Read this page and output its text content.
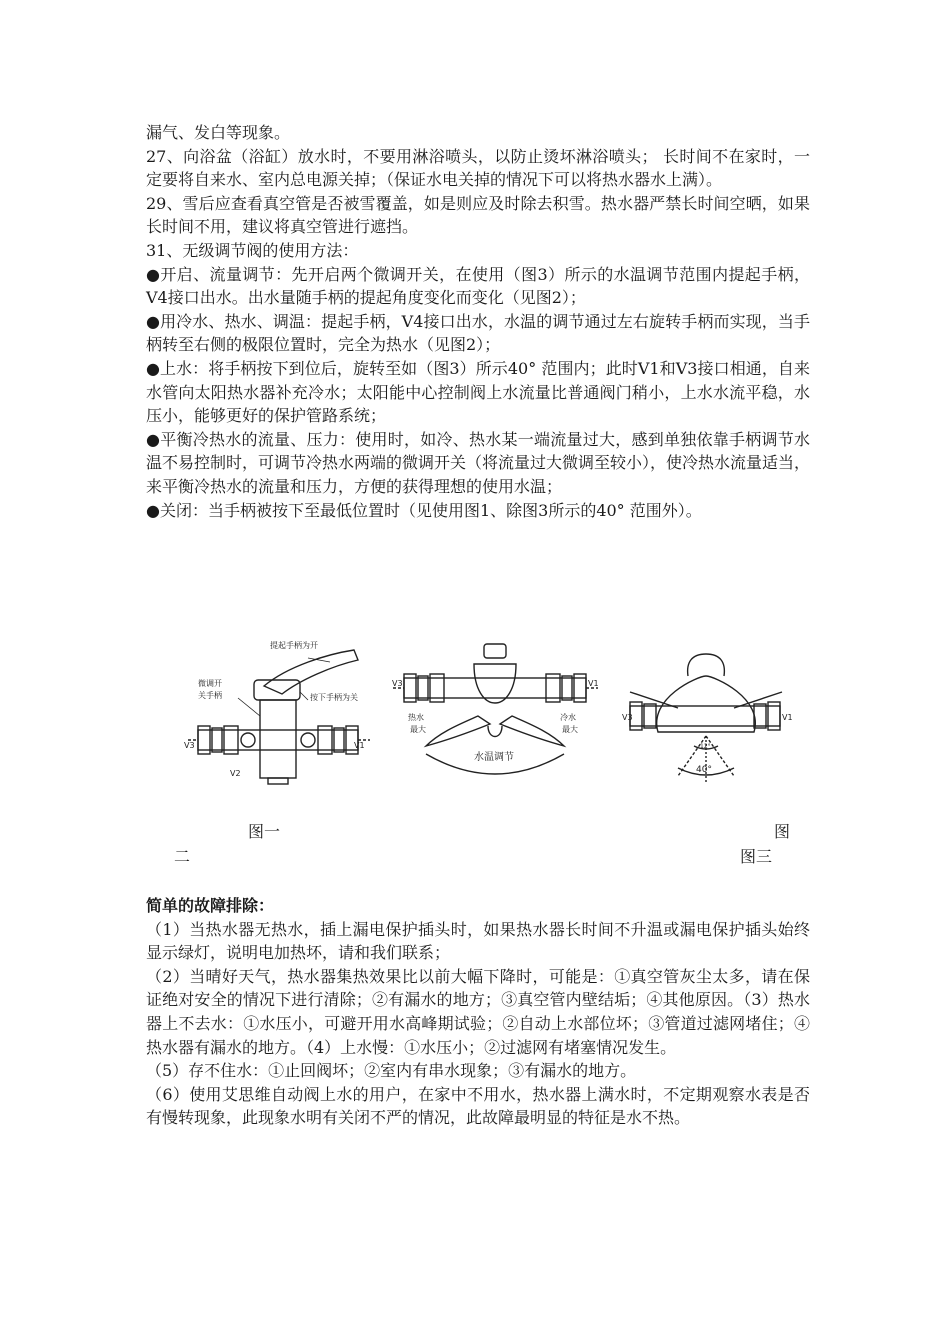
漏气、发白等现象。

27、向浴盆（浴缸）放水时，不要用淋浴喷头，以防止烫坏淋浴喷头； 长时间不在家时，一定要将自来水、室内总电源关掉；（保证水电关掉的情况下可以将热水器水上满）。

29、雪后应查看真空管是否被雪覆盖，如是则应及时除去积雪。热水器严禁长时间空晒，如果长时间不用，建议将真空管进行遮挡。

31、无级调节阀的使用方法：

●开启、流量调节：先开启两个微调开关，在使用（图3）所示的水温调节范围内提起手柄，V4接口出水。出水量随手柄的提起角度变化而变化（见图2）；

●用冷水、热水、调温：提起手柄，V4接口出水，水温的调节通过左右旋转手柄而实现，当手柄转至右侧的极限位置时，完全为热水（见图2）；

●上水：将手柄按下到位后，旋转至如（图3）所示40° 范围内；此时V1和V3接口相通，自来水管向太阳热水器补充冷水；太阳能中心控制阀上水流量比普通阀门稍小，上水水流平稳，水压小，能够更好的保护管路系统；

●平衡冷热水的流量、压力：使用时，如冷、热水某一端流量过大，感到单独依靠手柄调节水温不易控制时，可调节冷热水两端的微调开关（将流量过大微调至较小），使冷热水流量适当，来平衡冷热水的流量和压力，方便的获得理想的使用水温；

●关闭：当手柄被按下至最低位置时（见使用图1、除图3所示的40° 范围外）。

提起手柄为开
微调开
关手柄	按下手柄为关
V3	V1
V2
V3	V1
热水
最大
冷水
最大
水温调节
V3	V1
12°
40°
图一	图
二	图三

简单的故障排除：

（1）当热水器无热水，插上漏电保护插头时，如果热水器长时间不升温或漏电保护插头始终显示绿灯，说明电加热坏，请和我们联系；

（2）当晴好天气，热水器集热效果比以前大幅下降时，可能是：①真空管灰尘太多，请在保证绝对安全的情况下进行清除；②有漏水的地方；③真空管内壁结垢；④其他原因。（3）热水器上不去水：①水压小，可避开用水高峰期试验；②自动上水部位坏；③管道过滤网堵住；④热水器有漏水的地方。（4）上水慢：①水压小；②过滤网有堵塞情况发生。

（5）存不住水：①止回阀坏；②室内有串水现象；③有漏水的地方。

（6）使用艾思维自动阀上水的用户，在家中不用水，热水器上满水时，不定期观察水表是否有慢转现象，此现象水明有关闭不严的情况，此故障最明显的特征是水不热。
